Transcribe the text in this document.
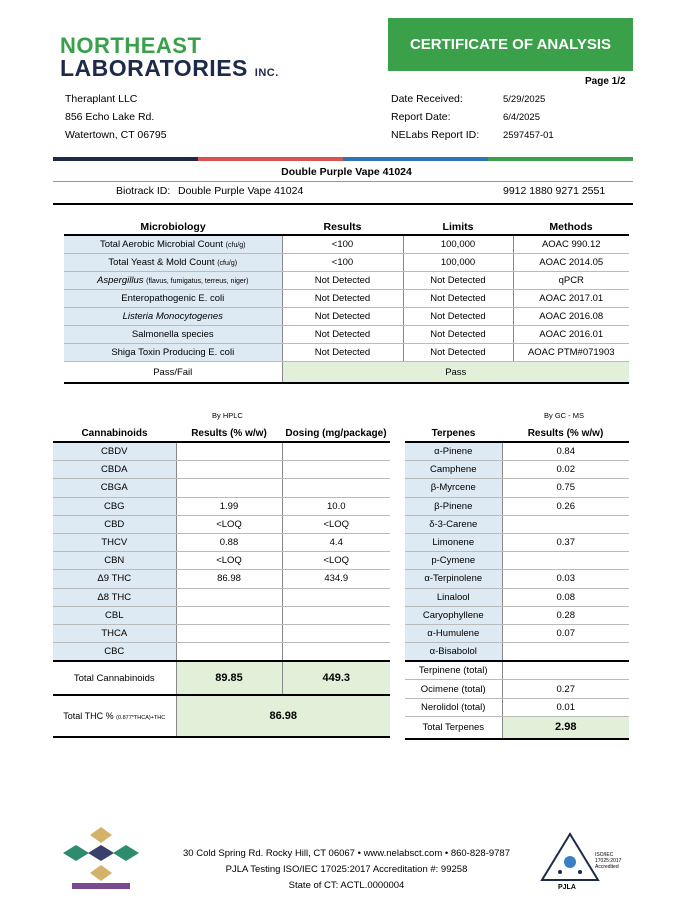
NORTHEAST
LABORATORIES INC.
CERTIFICATE OF ANALYSIS
Page 1/2
Theraplant LLC
856 Echo Lake Rd.
Watertown, CT 06795
Date Received:	5/29/2025
Report Date:	6/4/2025
NELabs Report ID:	2597457-01
Double Purple Vape 41024
Biotrack ID: Double Purple Vape 41024	9912 1880 9271 2551
Microbiology	Results	Limits	Methods
Total Aerobic Microbial Count (cfu/g)	<100	100,000	AOAC 990.12
Total Yeast & Mold Count (cfu/g)	<100	100,000	AOAC 2014.05
Aspergillus (flavus, fumigatus, terreus, niger)	Not Detected	Not Detected	qPCR
Enteropathogenic E. coli	Not Detected	Not Detected	AOAC 2017.01
Listeria Monocytogenes	Not Detected	Not Detected	AOAC 2016.08
Salmonella species	Not Detected	Not Detected	AOAC 2016.01
Shiga Toxin Producing E. coli	Not Detected	Not Detected	AOAC PTM#071903
Pass/Fail	Pass		
By HPLC	By GC - MS
Cannabinoids	Results (% w/w)	Dosing (mg/package)
CBDV		
CBDA		
CBGA		
CBG	1.99	10.0
CBD	<LOQ	<LOQ
THCV	0.88	4.4
CBN	<LOQ	<LOQ
Δ9 THC	86.98	434.9
Δ8 THC		
CBL		
THCA		
CBC		
Total Cannabinoids	89.85	449.3
Total THC % (0.877*THCA)+THC	86.98	
Terpenes	Results (% w/w)
α-Pinene	0.84
Camphene	0.02
β-Myrcene	0.75
β-Pinene	0.26
δ-3-Carene	
Limonene	0.37
p-Cymene	
α-Terpinolene	0.03
Linalool	0.08
Caryophyllene	0.28
α-Humulene	0.07
α-Bisabolol	
Terpinene (total)	
Ocimene (total)	0.27
Nerolidol (total)	0.01
Total Terpenes	2.98
30 Cold Spring Rd. Rocky Hill, CT 06067 • www.nelabsct.com • 860-828-9787
PJLA Testing ISO/IEC 17025:2017 Accreditation #: 99258
State of CT: ACTL.0000004
ISO/IEC 17025:2017 Accredited
PJLA
